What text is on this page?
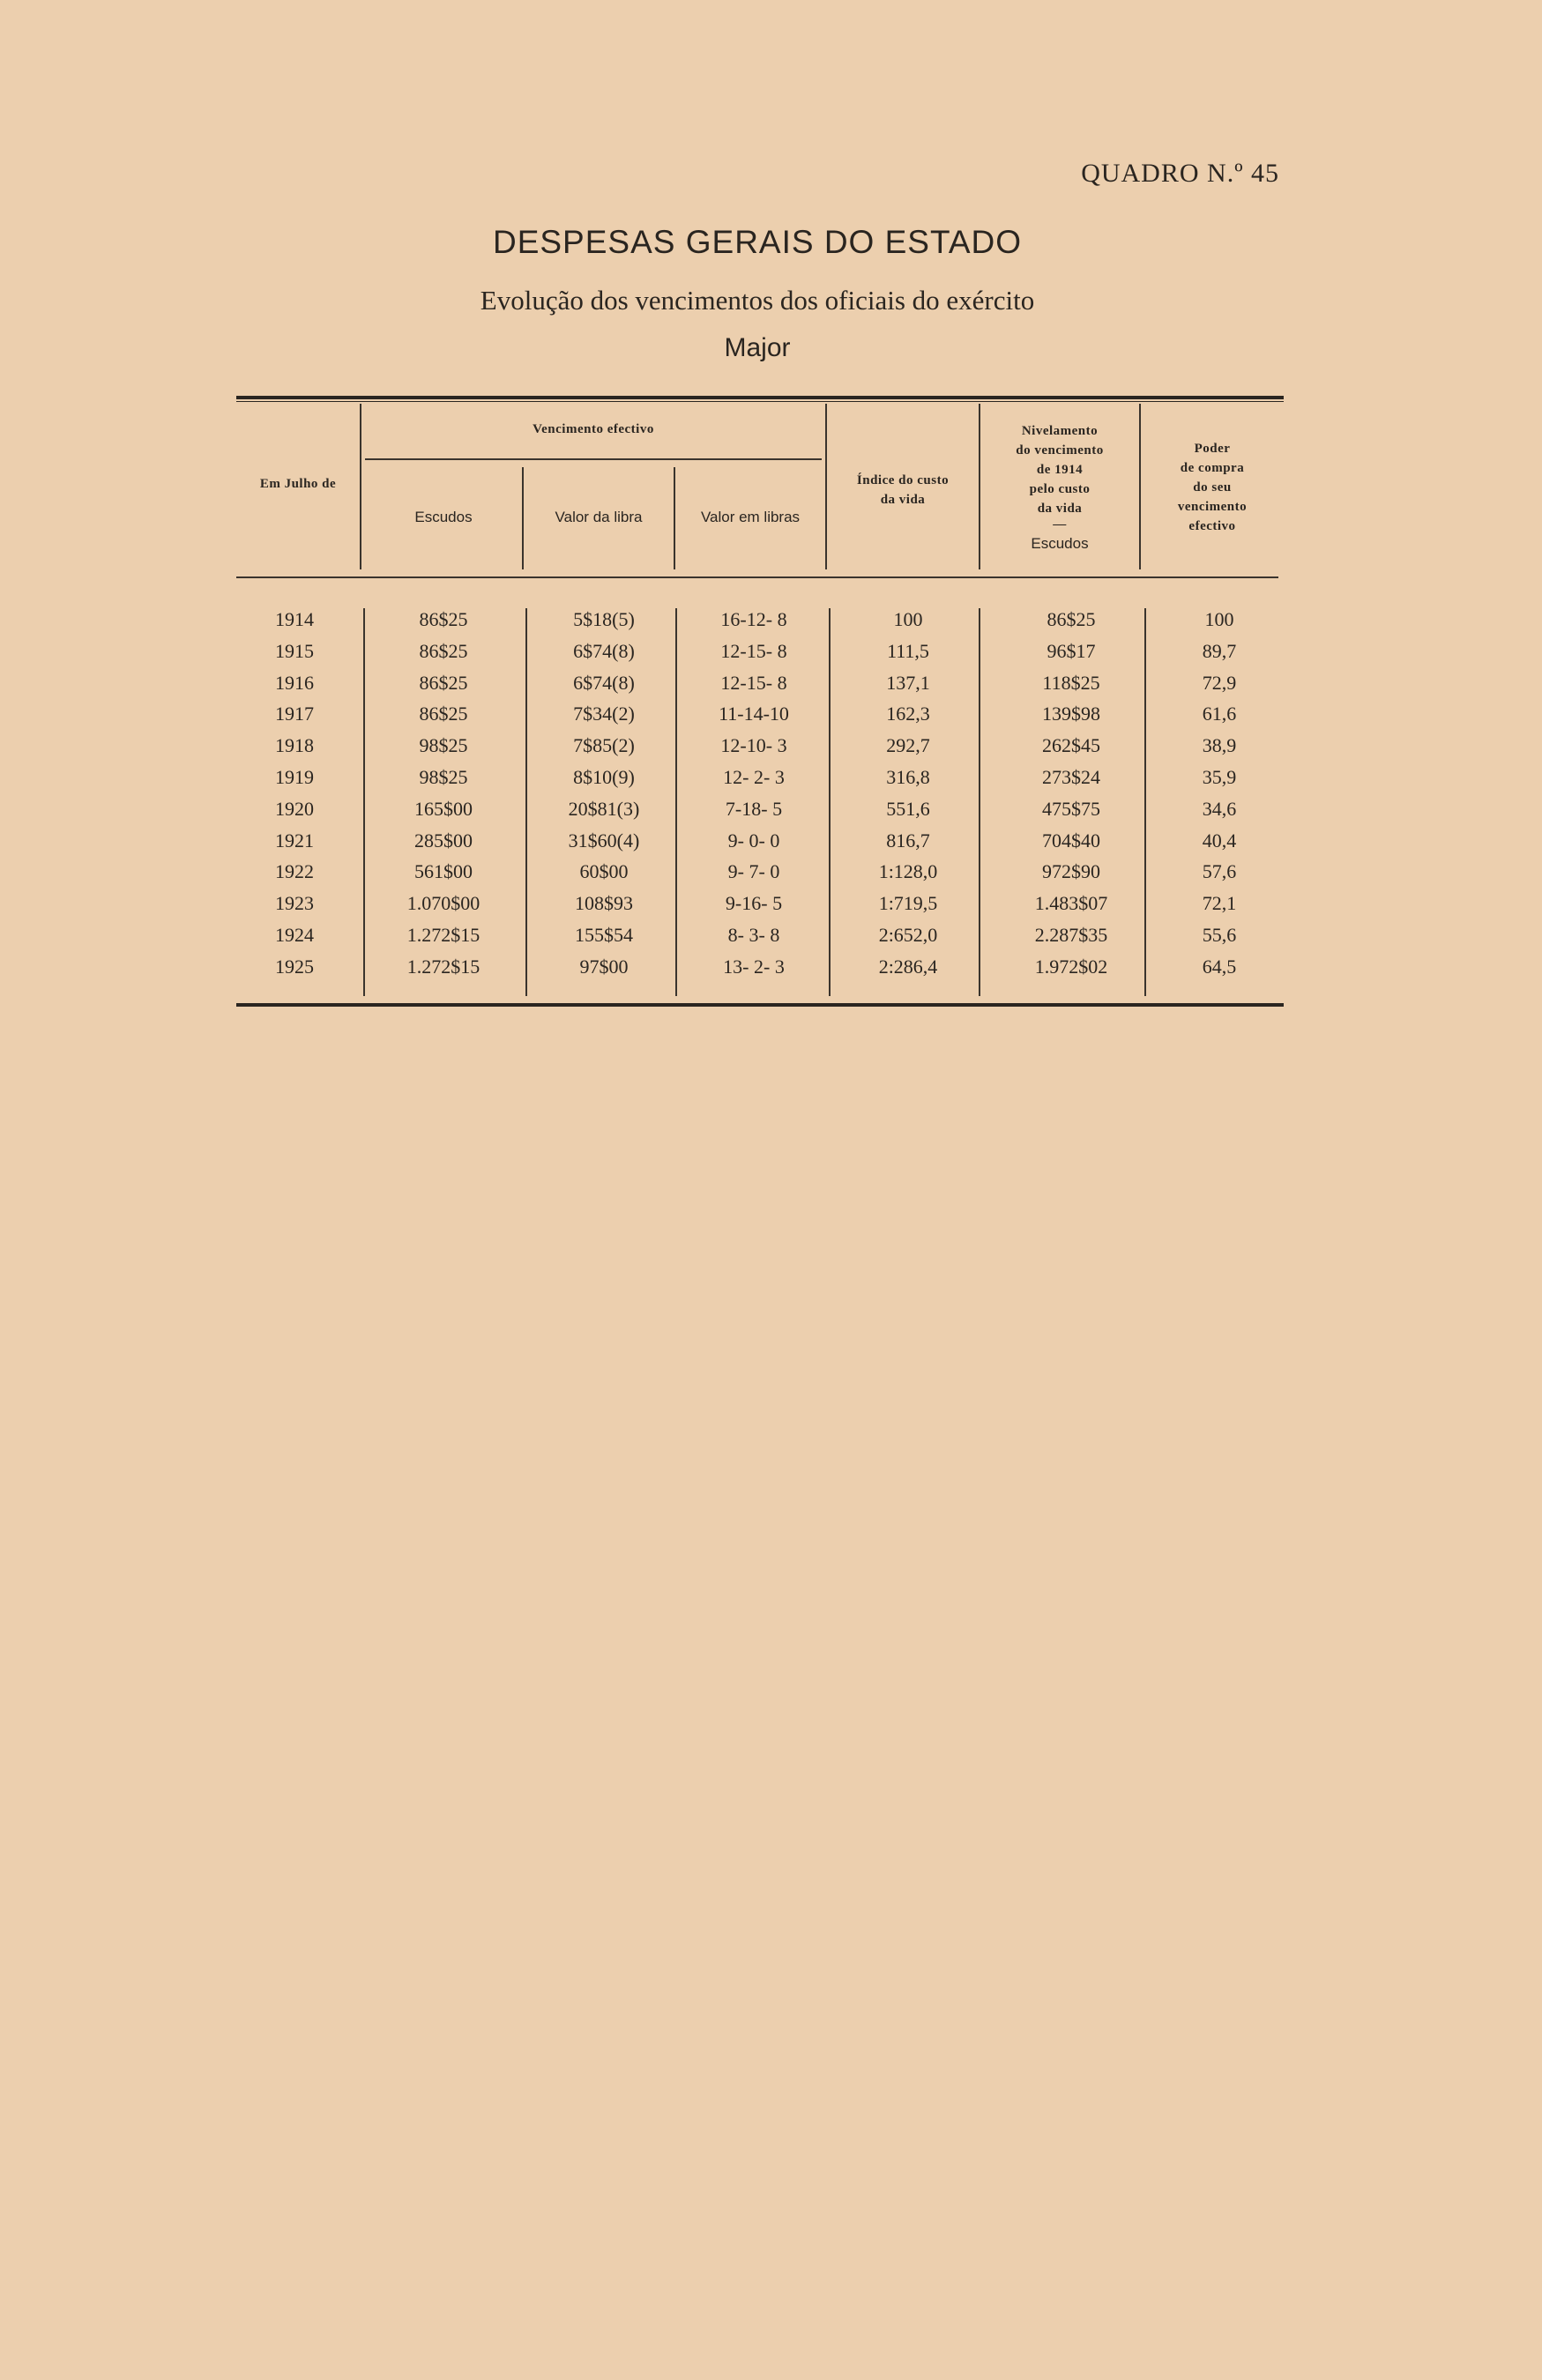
QUADRO N.º 45
DESPESAS GERAIS DO ESTADO
Evolução dos vencimentos dos oficiais do exército
Major
Em Julho de
Vencimento efectivo
Escudos	Valor da libra	Valor em libras
Índice do custo
da vida
Nivelamento
do vencimento
de 1914
pelo custo
da vida
—
Escudos
Poder
de compra
do seu
vencimento
efectivo
1914	86$25	5$18(5)	16-12- 8	100	86$25	100
1915	86$25	6$74(8)	12-15- 8	111,5	96$17	89,7
1916	86$25	6$74(8)	12-15- 8	137,1	118$25	72,9
1917	86$25	7$34(2)	11-14-10	162,3	139$98	61,6
1918	98$25	7$85(2)	12-10- 3	292,7	262$45	38,9
1919	98$25	8$10(9)	12- 2- 3	316,8	273$24	35,9
1920	165$00	20$81(3)	7-18- 5	551,6	475$75	34,6
1921	285$00	31$60(4)	9- 0- 0	816,7	704$40	40,4
1922	561$00	60$00	9- 7- 0	1:128,0	972$90	57,6
1923	1.070$00	108$93	9-16- 5	1:719,5	1.483$07	72,1
1924	1.272$15	155$54	8- 3- 8	2:652,0	2.287$35	55,6
1925	1.272$15	97$00	13- 2- 3	2:286,4	1.972$02	64,5
